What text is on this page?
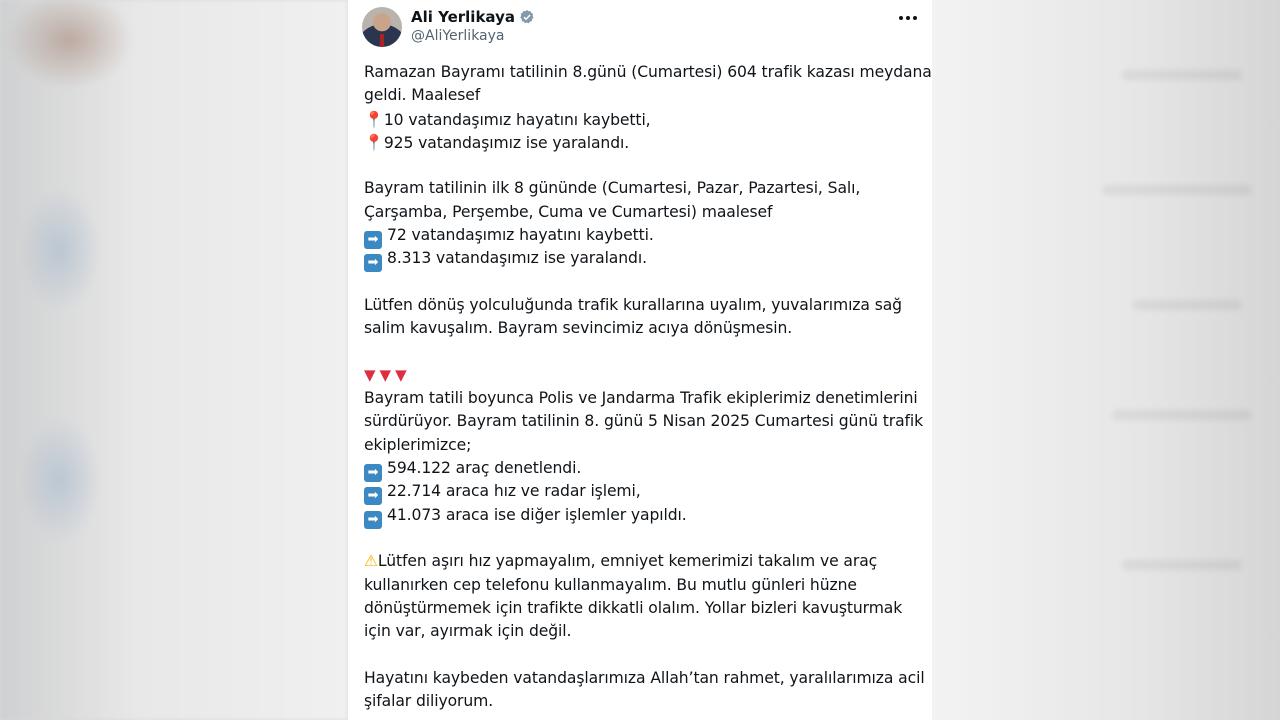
Ali Yerlikaya
@AliYerlikaya
Ramazan Bayramı tatilinin 8.günü (Cumartesi) 604 trafik kazası meydana
geldi. Maalesef
📍10 vatandaşımız hayatını kaybetti,
📍925 vatandaşımız ise yaralandı.
Bayram tatilinin ilk 8 gününde (Cumartesi, Pazar, Pazartesi, Salı,
Çarşamba, Perşembe, Cuma ve Cumartesi) maalesef
➡ 72 vatandaşımız hayatını kaybetti.
➡ 8.313 vatandaşımız ise yaralandı.
Lütfen dönüş yolculuğunda trafik kurallarına uyalım, yuvalarımıza sağ
salim kavuşalım. Bayram sevincimiz acıya dönüşmesin.
▼▼▼
Bayram tatili boyunca Polis ve Jandarma Trafik ekiplerimiz denetimlerini
sürdürüyor. Bayram tatilinin 8. günü 5 Nisan 2025 Cumartesi günü trafik
ekiplerimizce;
➡ 594.122 araç denetlendi.
➡ 22.714 araca hız ve radar işlemi,
➡ 41.073 araca ise diğer işlemler yapıldı.
⚠Lütfen aşırı hız yapmayalım, emniyet kemerimizi takalım ve araç
kullanırken cep telefonu kullanmayalım. Bu mutlu günleri hüzne
dönüştürmemek için trafikte dikkatli olalım. Yollar bizleri kavuşturmak
için var, ayırmak için değil.
Hayatını kaybeden vatandaşlarımıza Allah’tan rahmet, yaralılarımıza acil
şifalar diliyorum.
